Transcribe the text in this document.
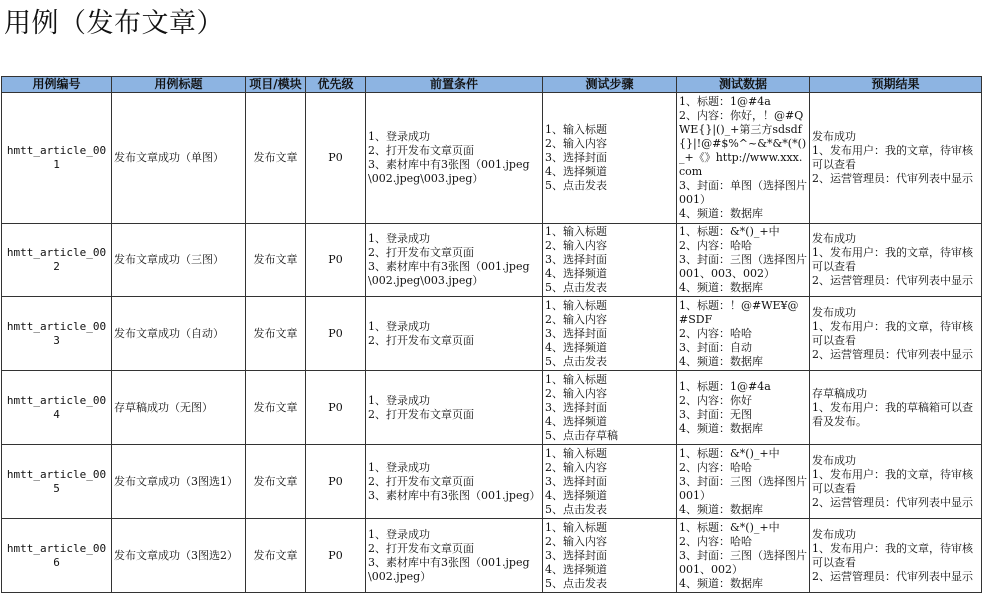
用例（发布文章）
用例编号	用例标题	项目/模块	优先级	前置条件	测试步骤	测试数据	预期结果

hmtt_article_001	发布文章成功（单图）	发布文章	P0	1、登录成功
2、打开发布文章页面
3、素材库中有3张图（001.jpeg\002.jpeg\003.jpeg）	1、输入标题
2、输入内容
3、选择封面
4、选择频道
5、点击发表	1、标题：1@#4a
2、内容：你好，！@#QWE{}|()_+第三方sdsdf{}|!@#$%^~&*&*(*()_+《》http://www.xxx.com
3、封面：单图（选择图片001）
4、频道：数据库	发布成功
1、发布用户：我的文章，待审核可以查看
2、运营管理员：代审列表中显示

hmtt_article_002	发布文章成功（三图）	发布文章	P0	1、登录成功
2、打开发布文章页面
3、素材库中有3张图（001.jpeg\002.jpeg\003.jpeg）	1、输入标题
2、输入内容
3、选择封面
4、选择频道
5、点击发表	1、标题：&*()_+中
2、内容：哈哈
3、封面：三图（选择图片001、003、002）
4、频道：数据库	发布成功
1、发布用户：我的文章，待审核可以查看
2、运营管理员：代审列表中显示

hmtt_article_003	发布文章成功（自动）	发布文章	P0	1、登录成功
2、打开发布文章页面	1、输入标题
2、输入内容
3、选择封面
4、选择频道
5、点击发表	1、标题：！@#WE¥@#SDF
2、内容：哈哈
3、封面：自动
4、频道：数据库	发布成功
1、发布用户：我的文章，待审核可以查看
2、运营管理员：代审列表中显示

hmtt_article_004	存草稿成功（无图）	发布文章	P0	1、登录成功
2、打开发布文章页面	1、输入标题
2、输入内容
3、选择封面
4、选择频道
5、点击存草稿	1、标题：1@#4a
2、内容：你好
3、封面：无图
4、频道：数据库	存草稿成功
1、发布用户：我的草稿箱可以查看及发布。

hmtt_article_005	发布文章成功（3图选1）	发布文章	P0	1、登录成功
2、打开发布文章页面
3、素材库中有3张图（001.jpeg）	1、输入标题
2、输入内容
3、选择封面
4、选择频道
5、点击发表	1、标题：&*()_+中
2、内容：哈哈
3、封面：三图（选择图片001）
4、频道：数据库	发布成功
1、发布用户：我的文章，待审核可以查看
2、运营管理员：代审列表中显示

hmtt_article_006	发布文章成功（3图选2）	发布文章	P0	1、登录成功
2、打开发布文章页面
3、素材库中有3张图（001.jpeg\002.jpeg）	1、输入标题
2、输入内容
3、选择封面
4、选择频道
5、点击发表	1、标题：&*()_+中
2、内容：哈哈
3、封面：三图（选择图片001、002）
4、频道：数据库	发布成功
1、发布用户：我的文章，待审核可以查看
2、运营管理员：代审列表中显示
